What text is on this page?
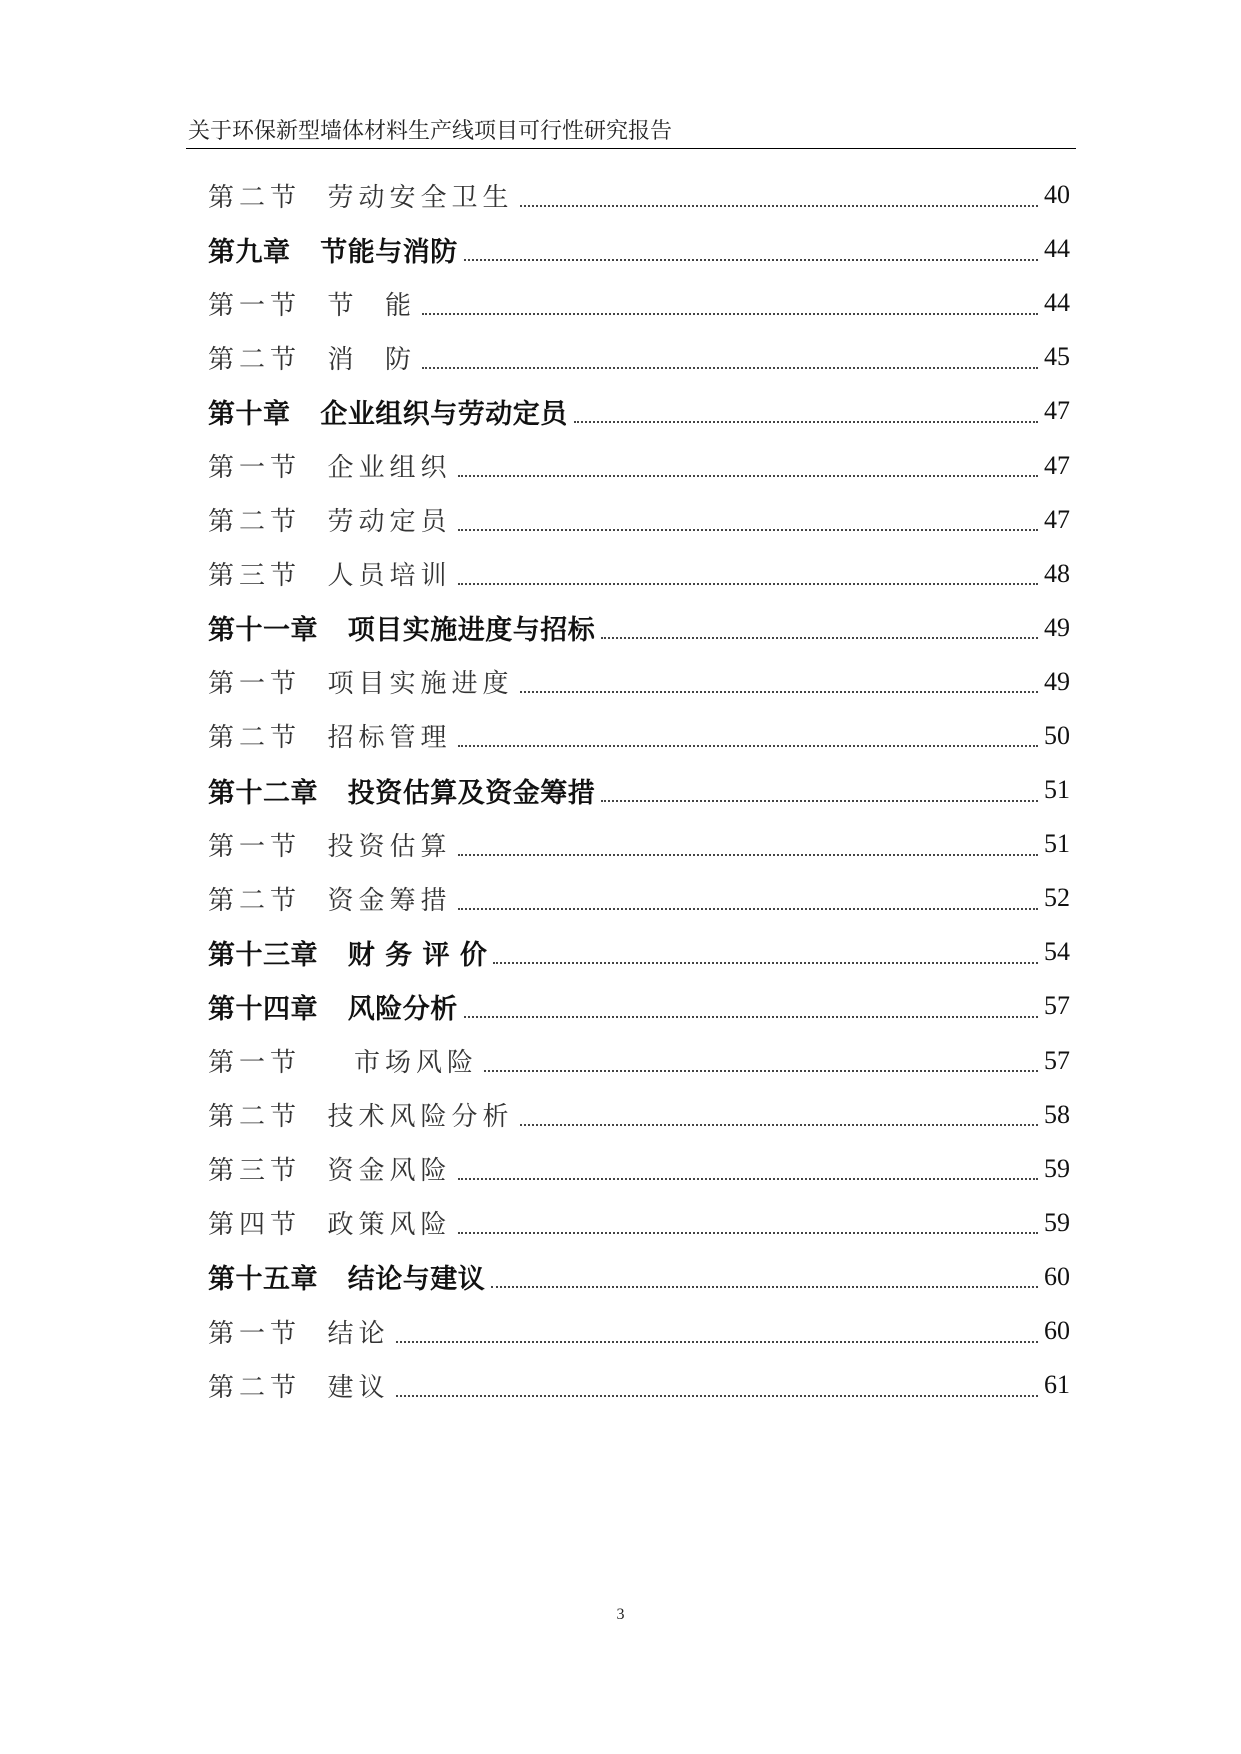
关于环保新型墙体材料生产线项目可行性研究报告
第二节  劳动安全卫生	40
第九章   节能与消防	44
第一节  节  能	44
第二节  消  防	45
第十章   企业组织与劳动定员	47
第一节  企业组织	47
第二节  劳动定员	47
第三节  人员培训	48
第十一章   项目实施进度与招标	49
第一节  项目实施进度	49
第二节  招标管理	50
第十二章   投资估算及资金筹措	51
第一节  投资估算	51
第二节  资金筹措	52
第十三章   财 务 评 价	54
第十四章   风险分析	57
第一节    市场风险	57
第二节  技术风险分析	58
第三节  资金风险	59
第四节  政策风险	59
第十五章   结论与建议	60
第一节  结论	60
第二节  建议	61
3
